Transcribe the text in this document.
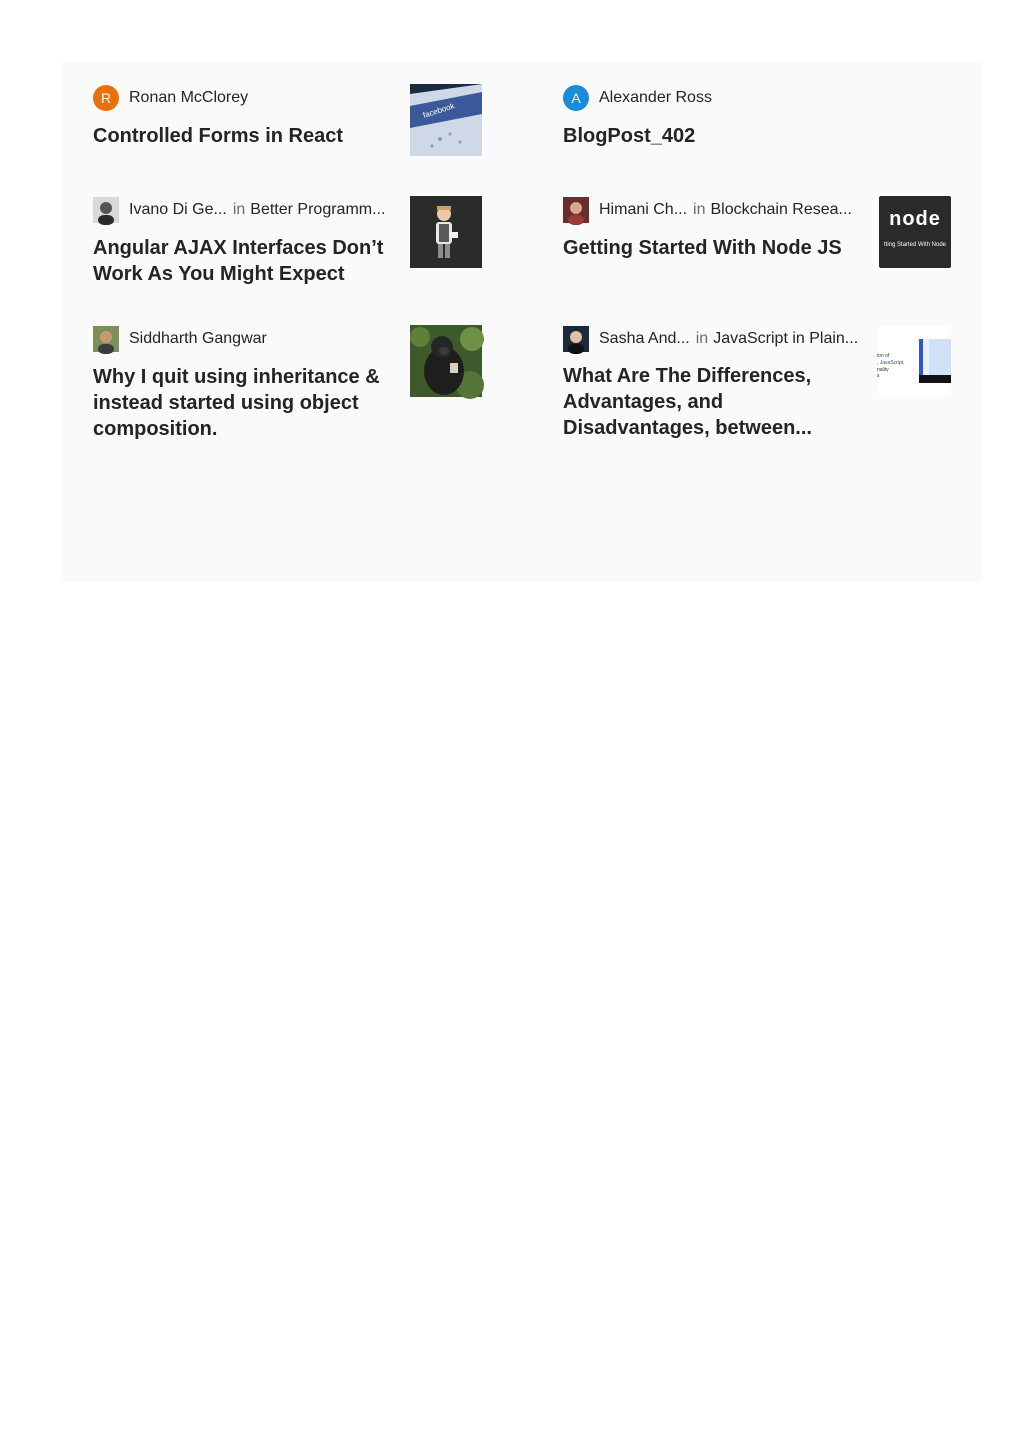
R	Ronan McClorey
Controlled Forms in React
facebook
A	Alexander Ross
BlogPost_402
Ivano Di Ge... in Better Programm...
Angular AJAX Interfaces Don’t Work As You Might Expect
Himani Ch... in Blockchain Resea...
Getting Started With Node JS
node
tting Started With Node
Siddharth Gangwar
Why I quit using inheritance & instead started using object composition.
Sasha And... in JavaScript in Plain...
What Are The Differences, Advantages, and Disadvantages, between...
ion of
, JavaScript,
nality
s
